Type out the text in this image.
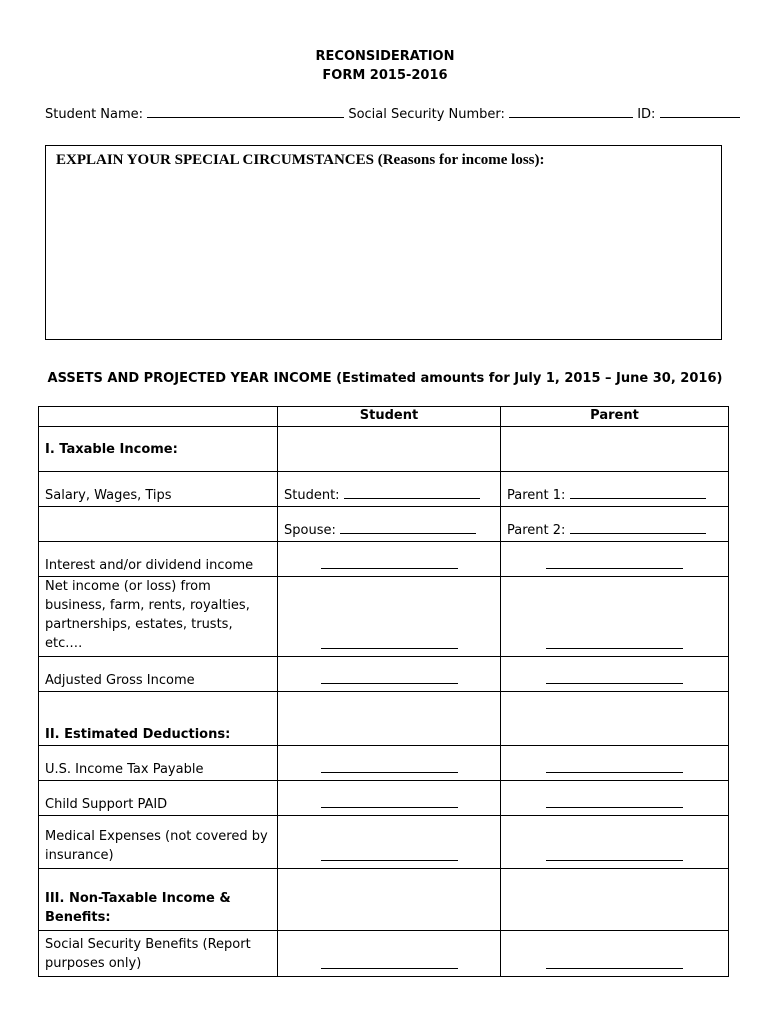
RECONSIDERATION
FORM 2015-2016
Student Name:	Social Security Number:	ID:
EXPLAIN YOUR SPECIAL CIRCUMSTANCES (Reasons for income loss):
ASSETS AND PROJECTED YEAR INCOME (Estimated amounts for July 1, 2015 – June 30, 2016)
	Student	Parent
I. Taxable Income:		
Salary, Wages, Tips	Student:	Parent 1:
	Spouse:	Parent 2:
Interest and/or dividend income		
Net income (or loss) from business, farm, rents, royalties, partnerships, estates, trusts, etc.…		
Adjusted Gross Income		
II. Estimated Deductions:		
U.S. Income Tax Payable		
Child Support PAID		
Medical Expenses (not covered by insurance)		
III. Non-Taxable Income & Benefits:		
Social Security Benefits (Report purposes only)		
